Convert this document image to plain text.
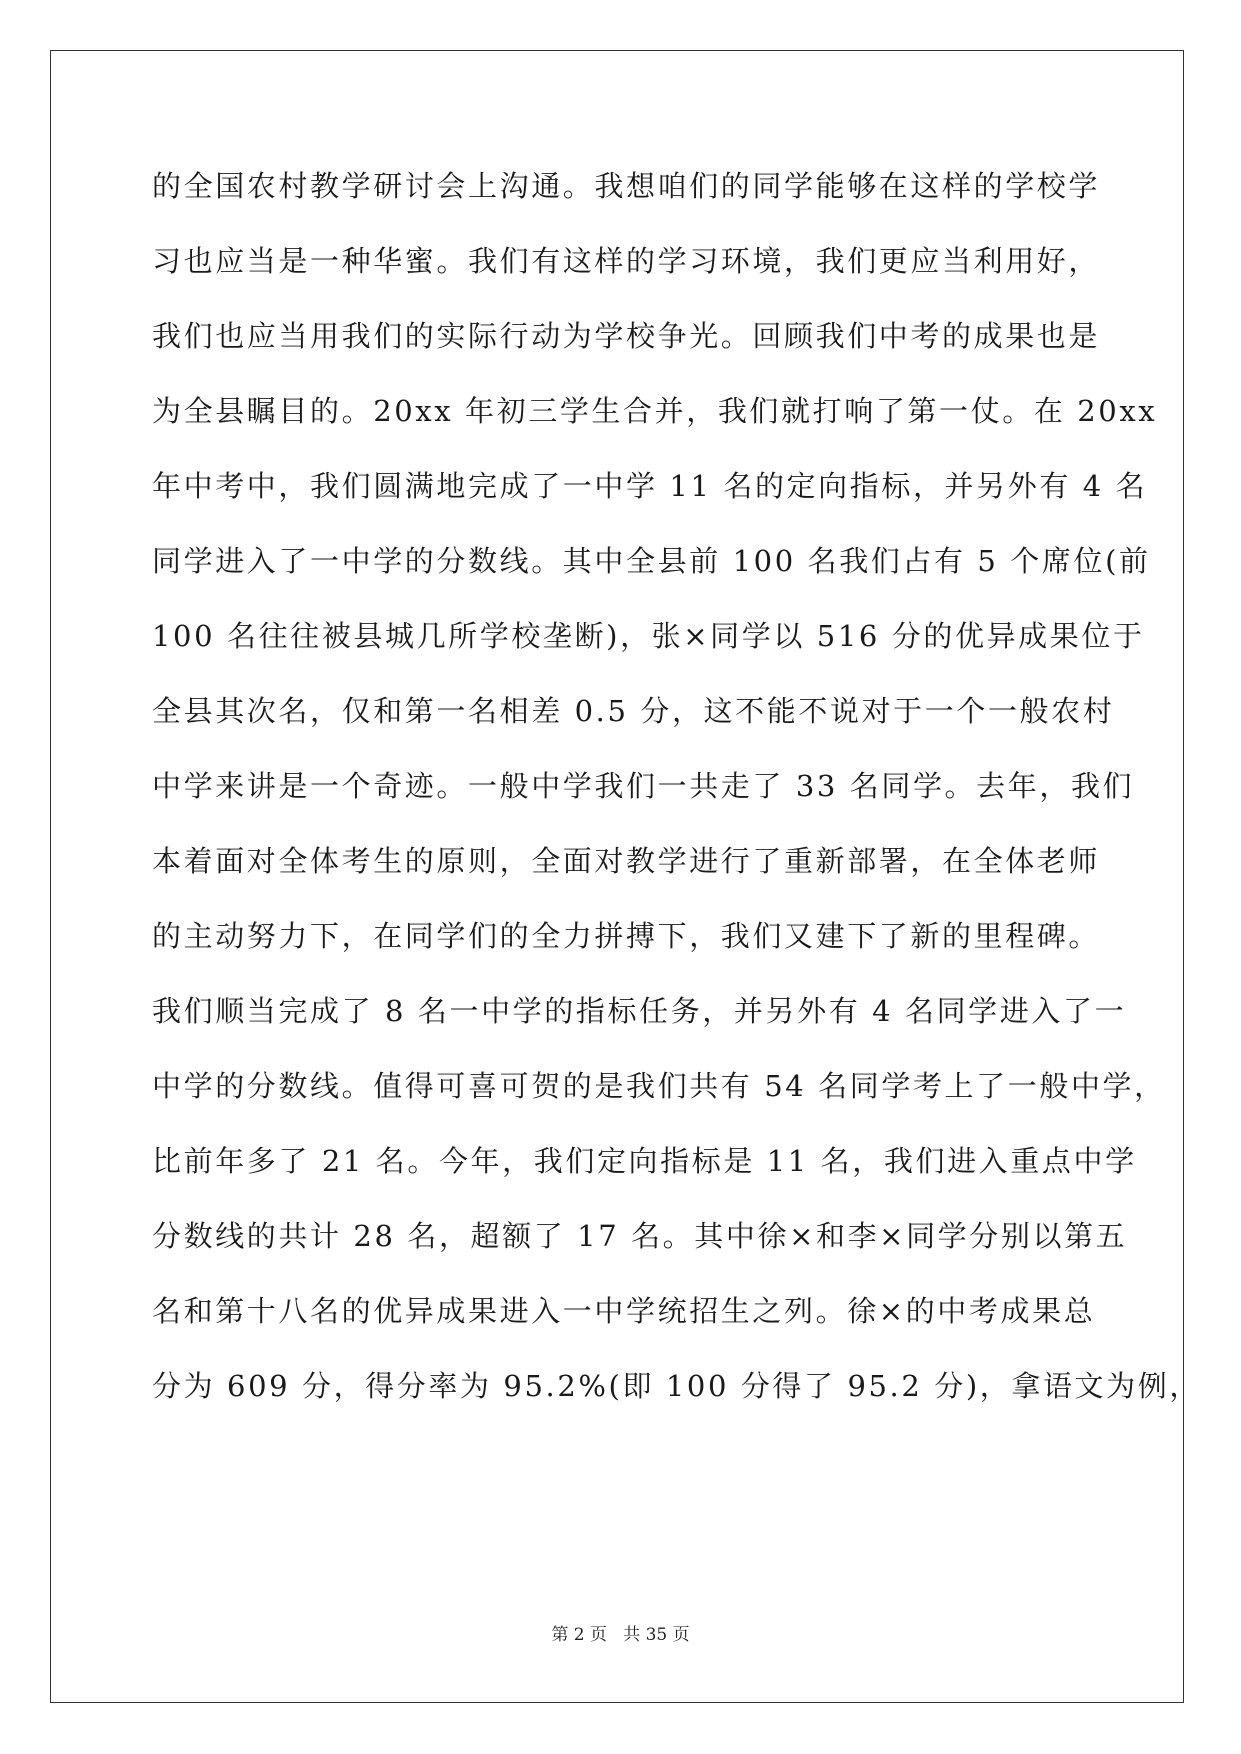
的全国农村教学研讨会上沟通。我想咱们的同学能够在这样的学校学
习也应当是一种华蜜。我们有这样的学习环境，我们更应当利用好，
我们也应当用我们的实际行动为学校争光。回顾我们中考的成果也是
为全县瞩目的。20xx 年初三学生合并，我们就打响了第一仗。在 20xx
年中考中，我们圆满地完成了一中学 11 名的定向指标，并另外有 4 名
同学进入了一中学的分数线。其中全县前 100 名我们占有 5 个席位(前
100 名往往被县城几所学校垄断)，张×同学以 516 分的优异成果位于
全县其次名，仅和第一名相差 0.5 分，这不能不说对于一个一般农村
中学来讲是一个奇迹。一般中学我们一共走了 33 名同学。去年，我们
本着面对全体考生的原则，全面对教学进行了重新部署，在全体老师
的主动努力下，在同学们的全力拼搏下，我们又建下了新的里程碑。
我们顺当完成了 8 名一中学的指标任务，并另外有 4 名同学进入了一
中学的分数线。值得可喜可贺的是我们共有 54 名同学考上了一般中学，
比前年多了 21 名。今年，我们定向指标是 11 名，我们进入重点中学
分数线的共计 28 名，超额了 17 名。其中徐×和李×同学分别以第五
名和第十八名的优异成果进入一中学统招生之列。徐×的中考成果总
分为 609 分，得分率为 95.2%(即 100 分得了 95.2 分)，拿语文为例，
第 2 页   共 35 页
